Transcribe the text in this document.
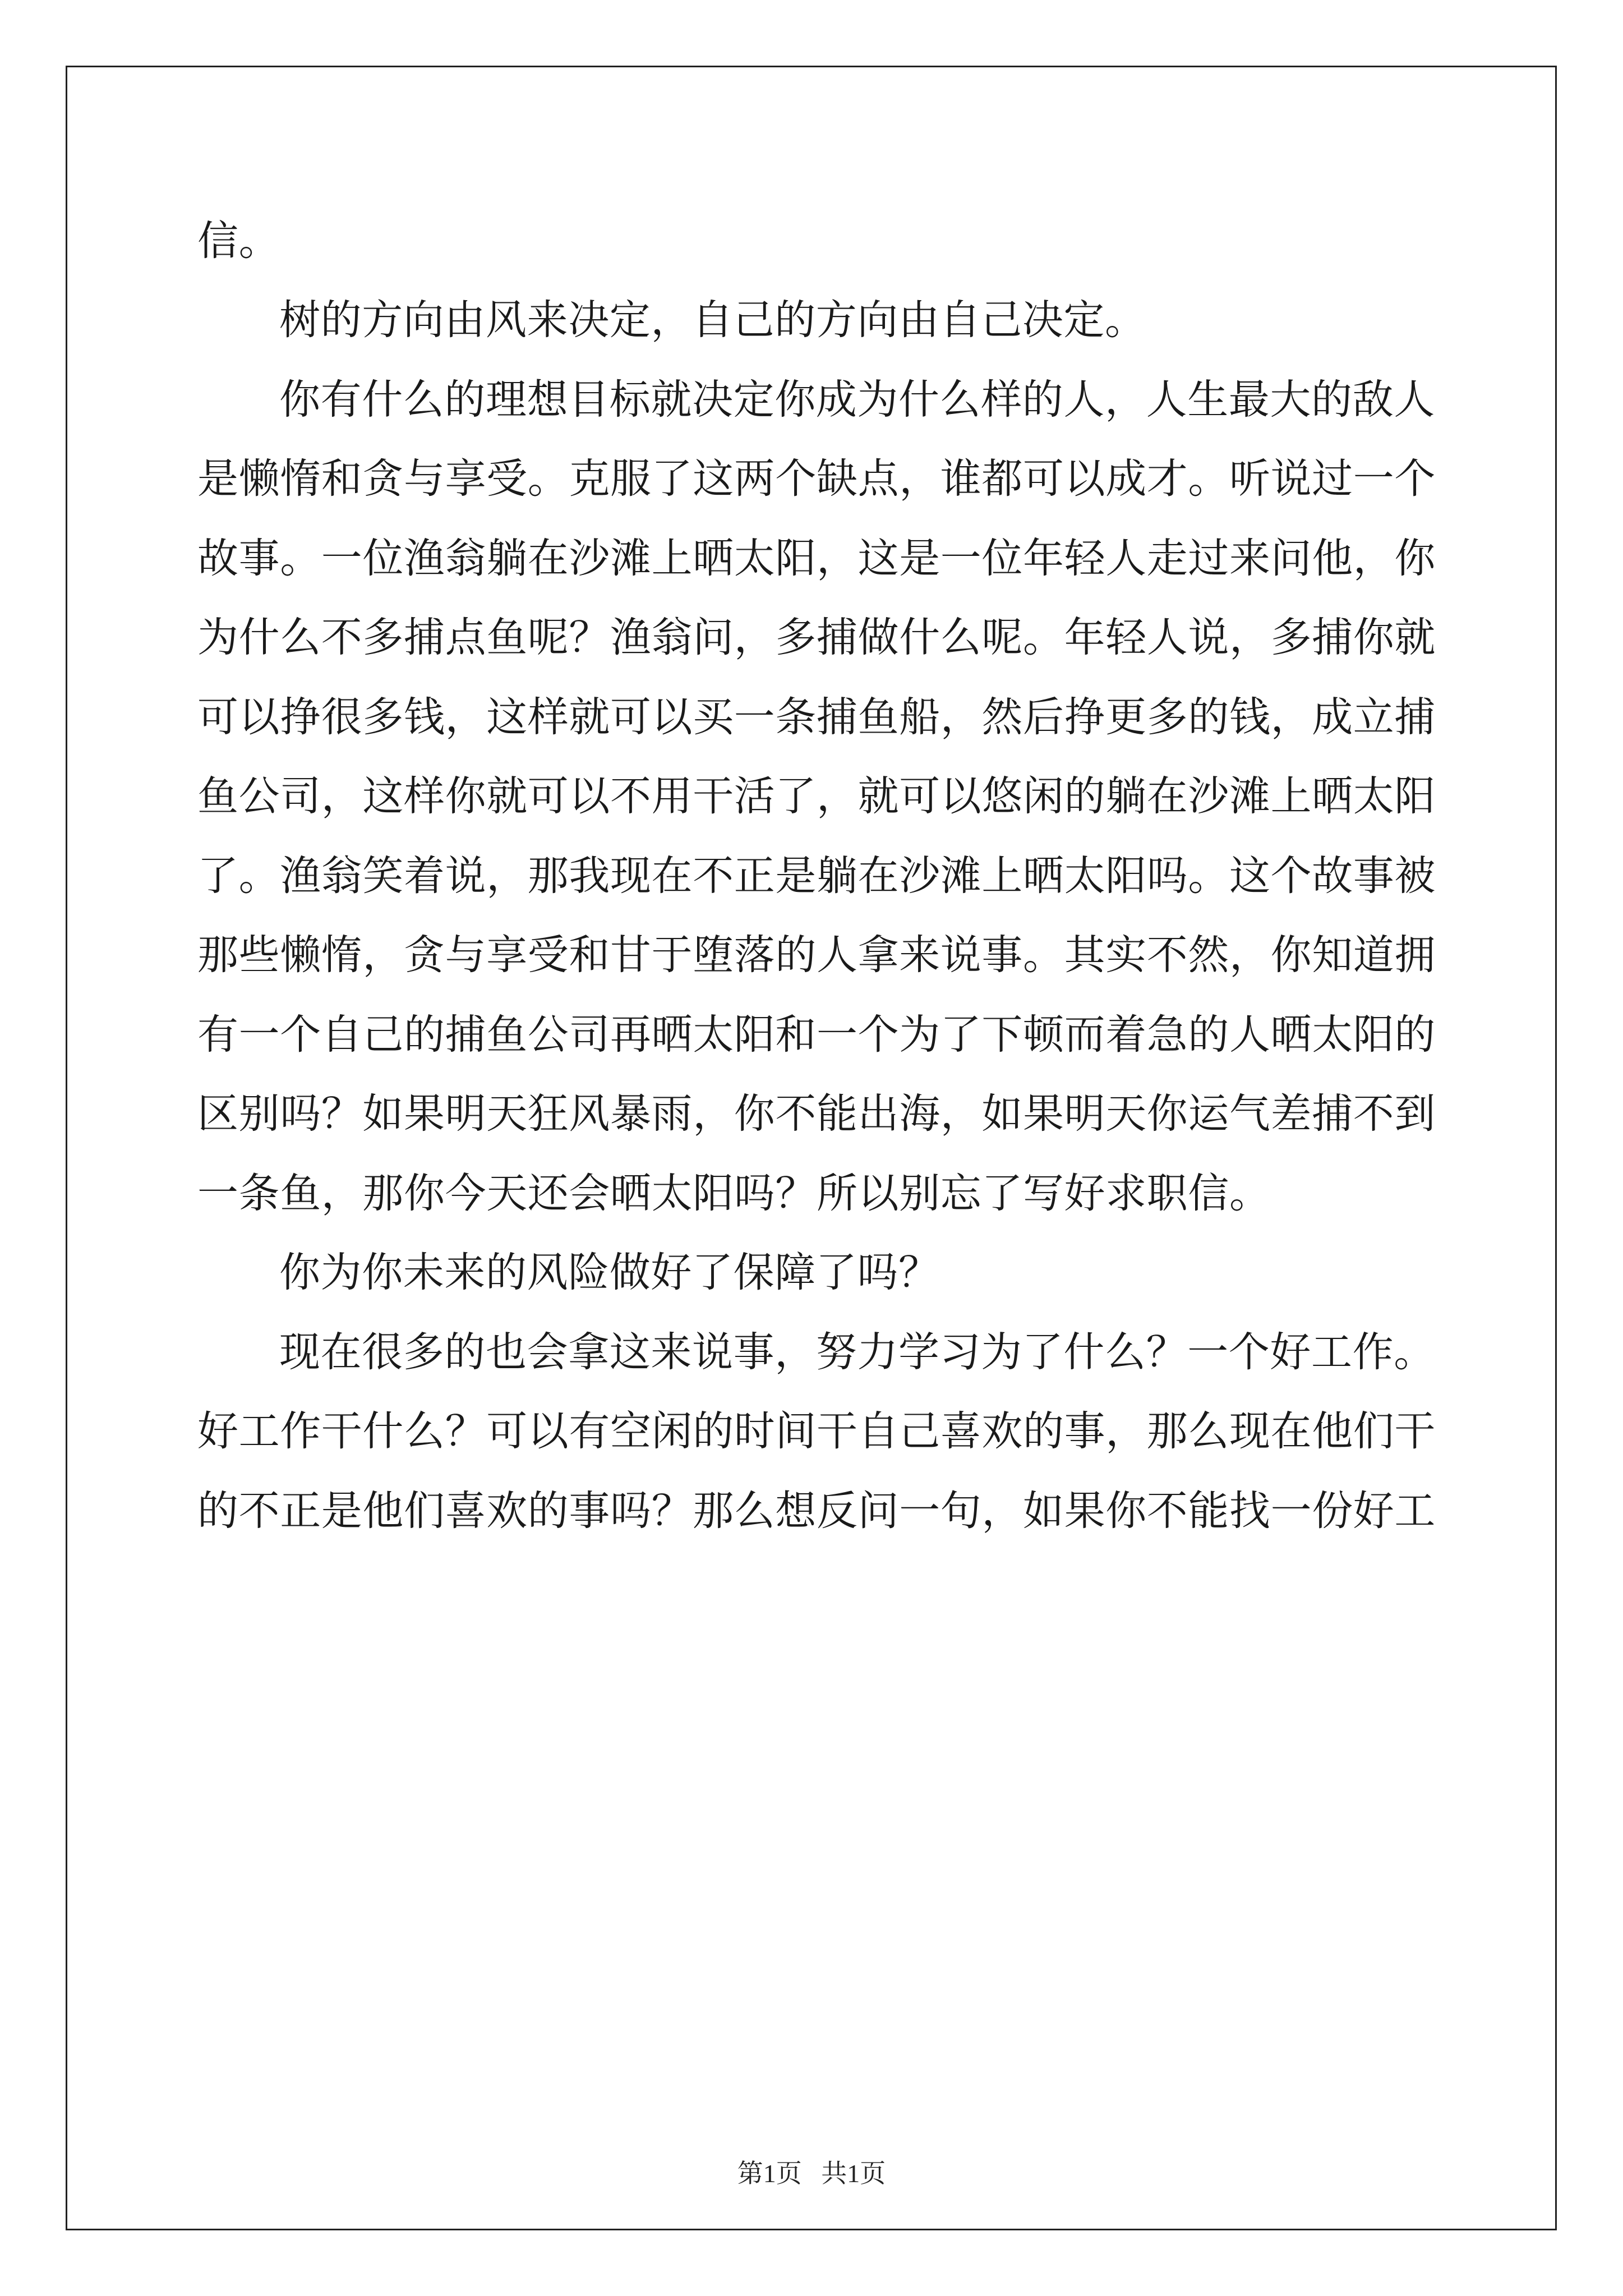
信。
树的方向由风来决定，自己的方向由自己决定。
你有什么的理想目标就决定你成为什么样的人，人生最大的敌人
是懒惰和贪与享受。克服了这两个缺点，谁都可以成才。听说过一个
故事。一位渔翁躺在沙滩上晒太阳，这是一位年轻人走过来问他，你
为什么不多捕点鱼呢？渔翁问，多捕做什么呢。年轻人说，多捕你就
可以挣很多钱，这样就可以买一条捕鱼船，然后挣更多的钱，成立捕
鱼公司，这样你就可以不用干活了，就可以悠闲的躺在沙滩上晒太阳
了。渔翁笑着说，那我现在不正是躺在沙滩上晒太阳吗。这个故事被
那些懒惰，贪与享受和甘于堕落的人拿来说事。其实不然，你知道拥
有一个自己的捕鱼公司再晒太阳和一个为了下顿而着急的人晒太阳的
区别吗？如果明天狂风暴雨，你不能出海，如果明天你运气差捕不到
一条鱼，那你今天还会晒太阳吗？所以别忘了写好求职信。
你为你未来的风险做好了保障了吗？
现在很多的也会拿这来说事，努力学习为了什么？一个好工作。
好工作干什么？可以有空闲的时间干自己喜欢的事，那么现在他们干
的不正是他们喜欢的事吗？那么想反问一句，如果你不能找一份好工
第1页 共1页
